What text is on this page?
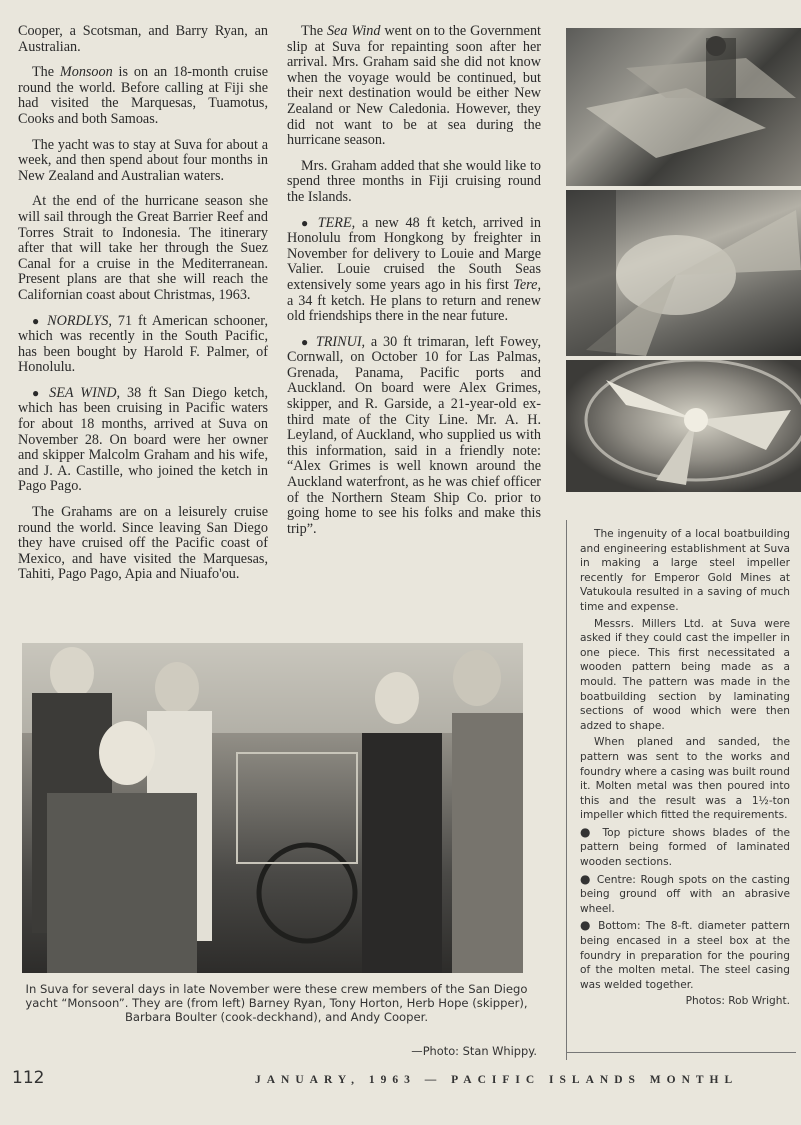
Cooper, a Scotsman, and Barry Ryan, an Australian.

The Monsoon is on an 18-month cruise round the world. Before calling at Fiji she had visited the Marquesas, Tuamotus, Cooks and both Samoas.

The yacht was to stay at Suva for about a week, and then spend about four months in New Zealand and Australian waters.

At the end of the hurricane season she will sail through the Great Barrier Reef and Torres Strait to Indonesia. The itinerary after that will take her through the Suez Canal for a cruise in the Mediterranean. Present plans are that she will reach the Californian coast about Christmas, 1963.

● NORDLYS, 71 ft American schooner, which was recently in the South Pacific, has been bought by Harold F. Palmer, of Honolulu.

● SEA WIND, 38 ft San Diego ketch, which has been cruising in Pacific waters for about 18 months, arrived at Suva on November 28. On board were her owner and skipper Malcolm Graham and his wife, and J. A. Castille, who joined the ketch in Pago Pago.

The Grahams are on a leisurely cruise round the world. Since leaving San Diego they have cruised off the Pacific coast of Mexico, and have visited the Marquesas, Tahiti, Pago Pago, Apia and Niuafo'ou.

The Sea Wind went on to the Government slip at Suva for repainting soon after her arrival. Mrs. Graham said she did not know when the voyage would be continued, but their next destination would be either New Zealand or New Caledonia. However, they did not want to be at sea during the hurricane season.

Mrs. Graham added that she would like to spend three months in Fiji cruising round the Islands.

● TERE, a new 48 ft ketch, arrived in Honolulu from Hongkong by freighter in November for delivery to Louie and Marge Valier. Louie cruised the South Seas extensively some years ago in his first Tere, a 34 ft ketch. He plans to return and renew old friendships there in the near future.

● TRINUI, a 30 ft trimaran, left Fowey, Cornwall, on October 10 for Las Palmas, Grenada, Panama, Pacific ports and Auckland. On board were Alex Grimes, skipper, and R. Garside, a 21-year-old ex-third mate of the City Line. Mr. A. H. Leyland, of Auckland, who supplied us with this information, said in a friendly note: “Alex Grimes is well known around the Auckland waterfront, as he was chief officer of the Northern Steam Ship Co. prior to going home to see his folks and make this trip”.	The ingenuity of a local boatbuilding and engineering establishment at Suva in making a large steel impeller recently for Emperor Gold Mines at Vatukoula resulted in a saving of much time and expense.

Messrs. Millers Ltd. at Suva were asked if they could cast the impeller in one piece. This first necessitated a wooden pattern being made as a mould. The pattern was made in the boatbuilding section by laminating sections of wood which were then adzed to shape.

When planed and sanded, the pattern was sent to the works and foundry where a casing was built round it. Molten metal was then poured into this and the result was a 1½-ton impeller which fitted the requirements.

● Top picture shows blades of the pattern being formed of laminated wooden sections.

● Centre: Rough spots on the casting being ground off with an abrasive wheel.

● Bottom: The 8-ft. diameter pattern being encased in a steel box at the foundry in preparation for the pouring of the molten metal. The steel casing was welded together.

Photos: Rob Wright.

In Suva for several days in late November were these crew members of the San Diego yacht “Monsoon”. They are (from left) Barney Ryan, Tony Horton, Herb Hope (skipper), Barbara Boulter (cook-deckhand), and Andy Cooper.
—Photo: Stan Whippy.
112	JANUARY, 1963 — PACIFIC ISLANDS MONTHL
